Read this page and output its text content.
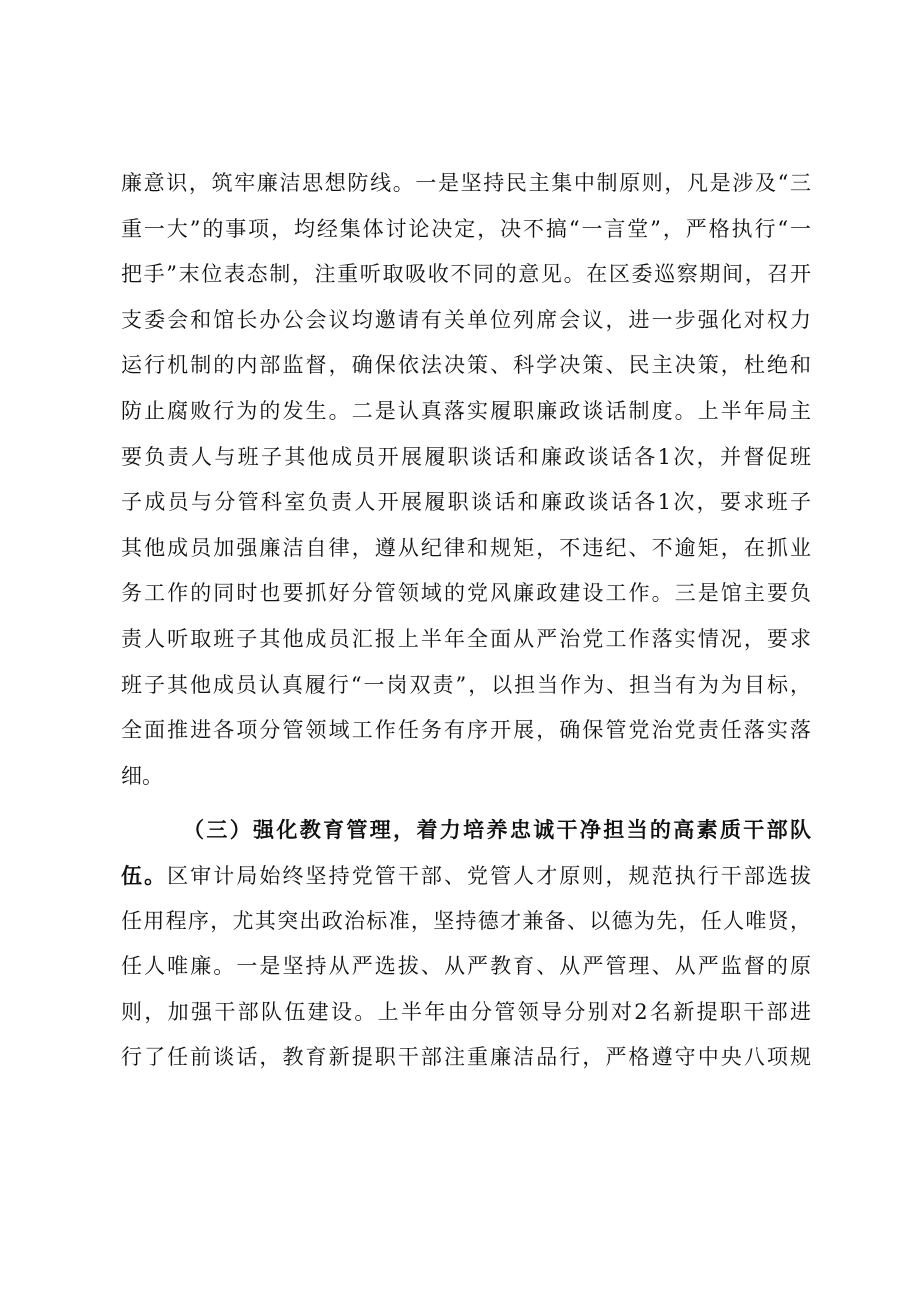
廉意识，筑牢廉洁思想防线。一是坚持民主集中制原则，凡是涉及“三
重一大”的事项，均经集体讨论决定，决不搞“一言堂”，严格执行“一
把手”末位表态制，注重听取吸收不同的意见。在区委巡察期间，召开
支委会和馆长办公会议均邀请有关单位列席会议，进一步强化对权力
运行机制的内部监督，确保依法决策、科学决策、民主决策，杜绝和
防止腐败行为的发生。二是认真落实履职廉政谈话制度。上半年局主
要负责人与班子其他成员开展履职谈话和廉政谈话各1次，并督促班
子成员与分管科室负责人开展履职谈话和廉政谈话各1次，要求班子
其他成员加强廉洁自律，遵从纪律和规矩，不违纪、不逾矩，在抓业
务工作的同时也要抓好分管领域的党风廉政建设工作。三是馆主要负
责人听取班子其他成员汇报上半年全面从严治党工作落实情况，要求
班子其他成员认真履行“一岗双责”，以担当作为、担当有为为目标，
全面推进各项分管领域工作任务有序开展，确保管党治党责任落实落
细。
（三）强化教育管理，着力培养忠诚干净担当的高素质干部队
伍。区审计局始终坚持党管干部、党管人才原则，规范执行干部选拔
任用程序，尤其突出政治标准，坚持德才兼备、以德为先，任人唯贤，
任人唯廉。一是坚持从严选拔、从严教育、从严管理、从严监督的原
则，加强干部队伍建设。上半年由分管领导分别对2名新提职干部进
行了任前谈话，教育新提职干部注重廉洁品行，严格遵守中央八项规
